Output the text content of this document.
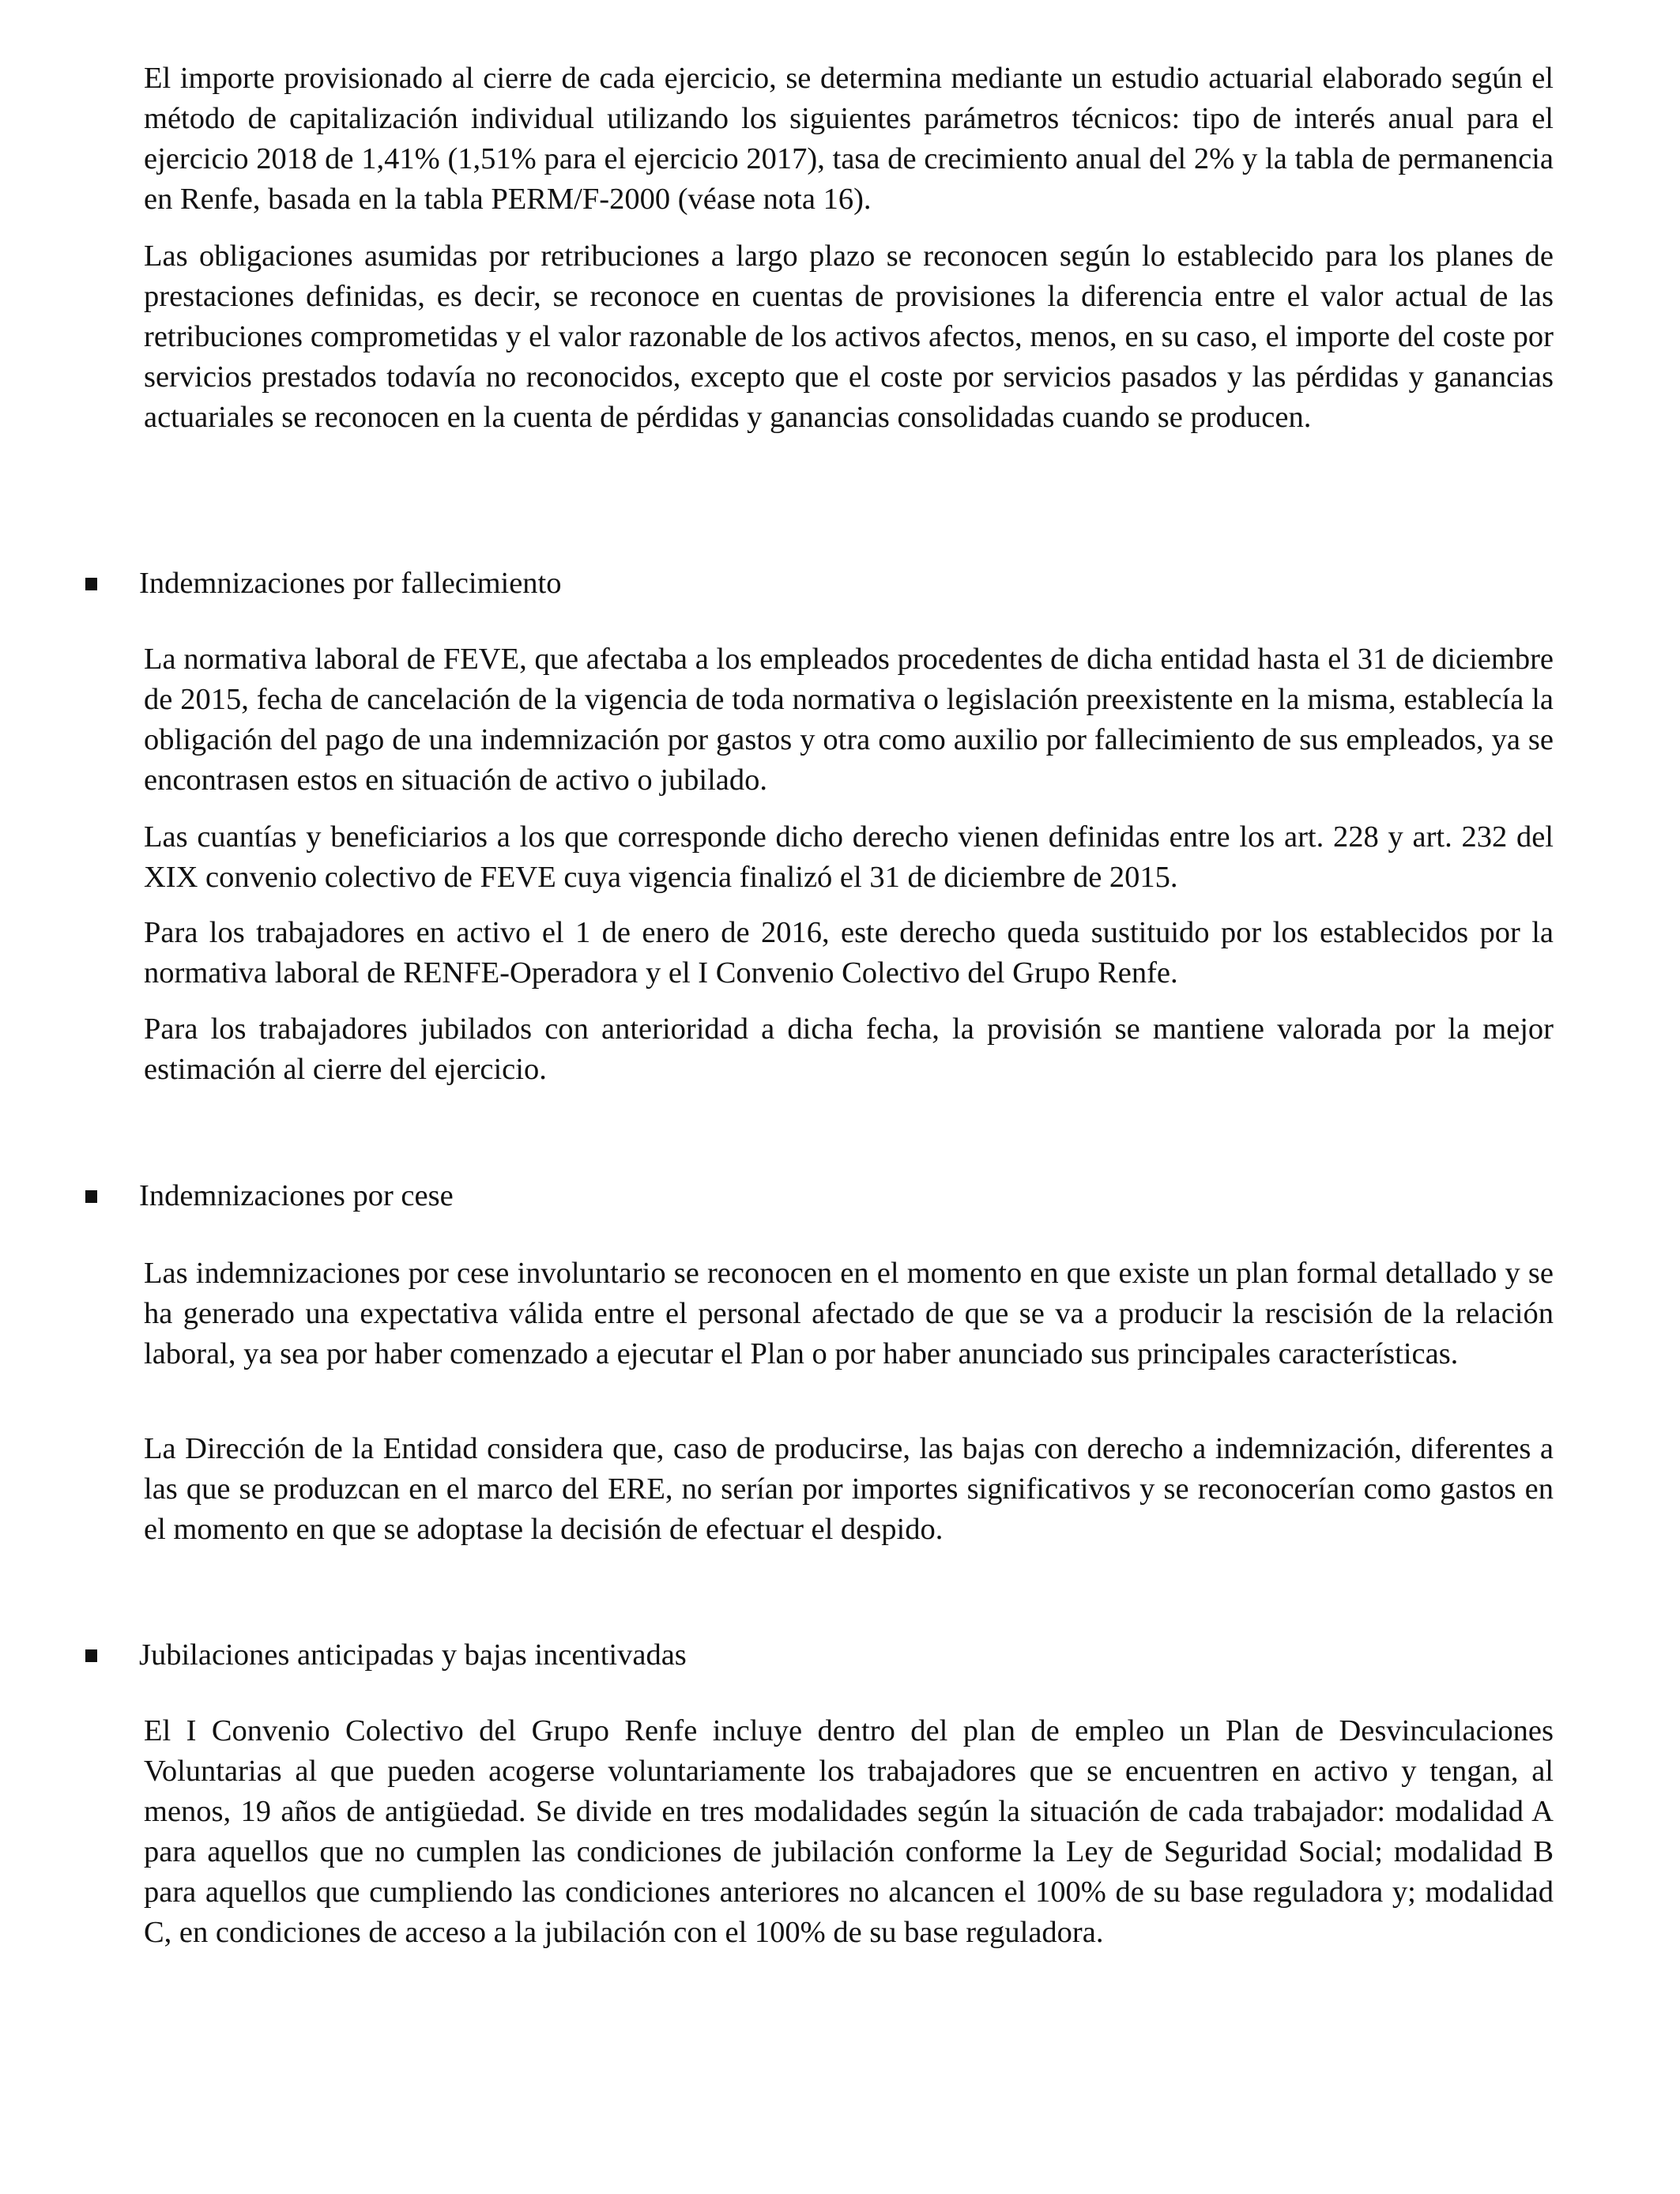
El importe provisionado al cierre de cada ejercicio, se determina mediante un estudio actuarial elaborado según el método de capitalización individual utilizando los siguientes parámetros técnicos: tipo de interés anual para el ejercicio 2018 de 1,41% (1,51% para el ejercicio 2017), tasa de crecimiento anual del 2% y la tabla de permanencia en Renfe, basada en la tabla PERM/F-2000 (véase nota 16).

Las obligaciones asumidas por retribuciones a largo plazo se reconocen según lo establecido para los planes de prestaciones definidas, es decir, se reconoce en cuentas de provisiones la diferencia entre el valor actual de las retribuciones comprometidas y el valor razonable de los activos afectos, menos, en su caso, el importe del coste por servicios prestados todavía no reconocidos, excepto que el coste por servicios pasados y las pérdidas y ganancias actuariales se reconocen en la cuenta de pérdidas y ganancias consolidadas cuando se producen.

Indemnizaciones por fallecimiento

La normativa laboral de FEVE, que afectaba a los empleados procedentes de dicha entidad hasta el 31 de diciembre de 2015, fecha de cancelación de la vigencia de toda normativa o legislación preexistente en la misma, establecía la obligación del pago de una indemnización por gastos y otra como auxilio por fallecimiento de sus empleados, ya se encontrasen estos en situación de activo o jubilado.

Las cuantías y beneficiarios a los que corresponde dicho derecho vienen definidas entre los art. 228 y art. 232 del XIX convenio colectivo de FEVE cuya vigencia finalizó el 31 de diciembre de 2015.

Para los trabajadores en activo el 1 de enero de 2016, este derecho queda sustituido por los establecidos por la normativa laboral de RENFE-Operadora y el I Convenio Colectivo del Grupo Renfe.

Para los trabajadores jubilados con anterioridad a dicha fecha, la provisión se mantiene valorada por la mejor estimación al cierre del ejercicio.

Indemnizaciones por cese

Las indemnizaciones por cese involuntario se reconocen en el momento en que existe un plan formal detallado y se ha generado una expectativa válida entre el personal afectado de que se va a producir la rescisión de la relación laboral, ya sea por haber comenzado a ejecutar el Plan o por haber anunciado sus principales características.

La Dirección de la Entidad considera que, caso de producirse, las bajas con derecho a indemnización, diferentes a las que se produzcan en el marco del ERE, no serían por importes significativos y se reconocerían como gastos en el momento en que se adoptase la decisión de efectuar el despido.

Jubilaciones anticipadas y bajas incentivadas

El I Convenio Colectivo del Grupo Renfe incluye dentro del plan de empleo un Plan de Desvinculaciones Voluntarias al que pueden acogerse voluntariamente los trabajadores que se encuentren en activo y tengan, al menos, 19 años de antigüedad. Se divide en tres modalidades según la situación de cada trabajador: modalidad A para aquellos que no cumplen las condiciones de jubilación conforme la Ley de Seguridad Social; modalidad B para aquellos que cumpliendo las condiciones anteriores no alcancen el 100% de su base reguladora y; modalidad C, en condiciones de acceso a la jubilación con el 100% de su base reguladora.
